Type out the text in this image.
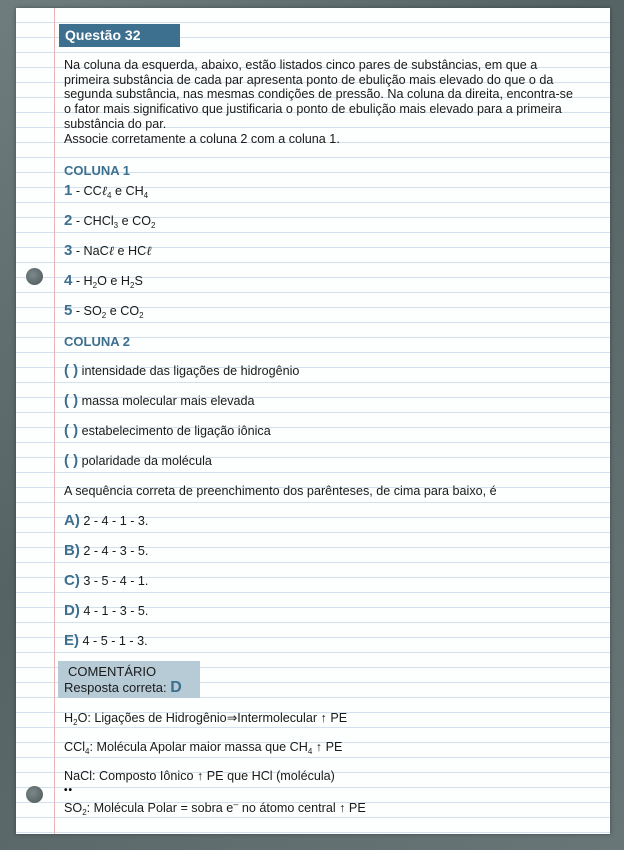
Questão 32
Na coluna da esquerda, abaixo, estão listados cinco pares de substâncias, em que a
primeira substância de cada par apresenta ponto de ebulição mais elevado do que o da
segunda substância, nas mesmas condições de pressão. Na coluna da direita, encontra-se
o fator mais significativo que justificaria o ponto de ebulição mais elevado para a primeira
substância do par.
Associe corretamente a coluna 2 com a coluna 1.
COLUNA 1
1 - CCℓ$_4$ e $CH_4$
2 - CHCl$_3$ e $CO_2$
3 - NaCℓ e HCℓ
$4 - H_2O$ e $H_2S$
$5 - SO_2$ e $CO_2$
COLUNA 2
( ) intensidade das ligações de hidrogênio
( ) massa molecular mais elevada
( ) estabelecimento de ligação iônica
( ) polaridade da molécula
A sequência correta de preenchimento dos parênteses, de cima para baixo, é
A) 2 - 4 - 1 - 3.
B) 2 - 4 - 3 - 5.
C) 3 - 5 - 4 - 1.
D) 4 - 1 - 3 - 5.
E) 4 - 5 - 1 - 3.
COMENTÁRIO
Resposta correta: D
$H_2O$: Ligações de Hidrogênio⇒Intermolecular ↑ PE
CCl$_4$: Molécula Apolar maior massa que $CH_4$ ↑ PE
NaCl: Composto Iônico ↑ PE que HCl (molécula)
••
$SO_2$: Molécula Polar = sobra e– no átomo central ↑ PE
